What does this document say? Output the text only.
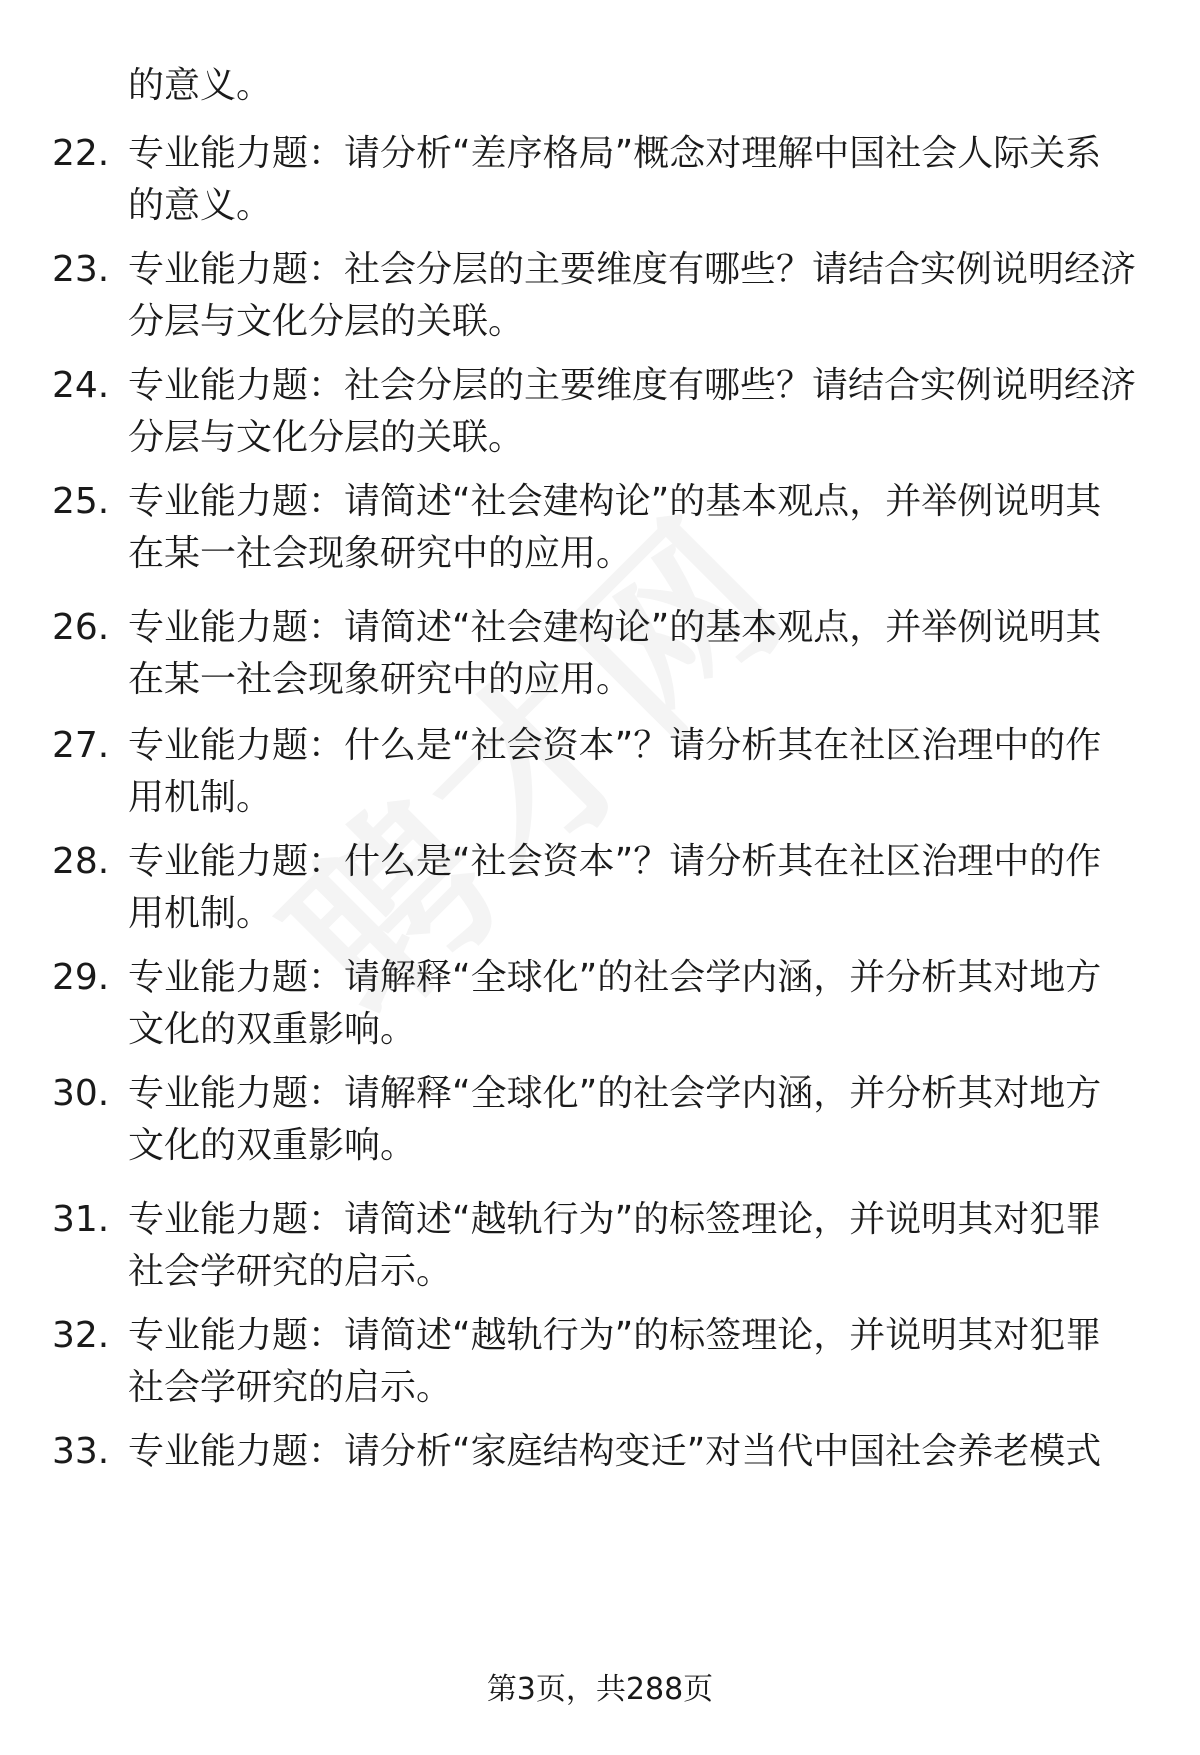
的意义。
22. 专业能力题：请分析“差序格局”概念对理解中国社会人际关系
的意义。
23. 专业能力题：社会分层的主要维度有哪些？请结合实例说明经济
分层与文化分层的关联。
24. 专业能力题：社会分层的主要维度有哪些？请结合实例说明经济
分层与文化分层的关联。
25. 专业能力题：请简述“社会建构论”的基本观点，并举例说明其
在某一社会现象研究中的应用。
26. 专业能力题：请简述“社会建构论”的基本观点，并举例说明其
在某一社会现象研究中的应用。
27. 专业能力题：什么是“社会资本”？请分析其在社区治理中的作
用机制。
28. 专业能力题：什么是“社会资本”？请分析其在社区治理中的作
用机制。
29. 专业能力题：请解释“全球化”的社会学内涵，并分析其对地方
文化的双重影响。
30. 专业能力题：请解释“全球化”的社会学内涵，并分析其对地方
文化的双重影响。
31. 专业能力题：请简述“越轨行为”的标签理论，并说明其对犯罪
社会学研究的启示。
32. 专业能力题：请简述“越轨行为”的标签理论，并说明其对犯罪
社会学研究的启示。
33. 专业能力题：请分析“家庭结构变迁”对当代中国社会养老模式
第3页，共288页
